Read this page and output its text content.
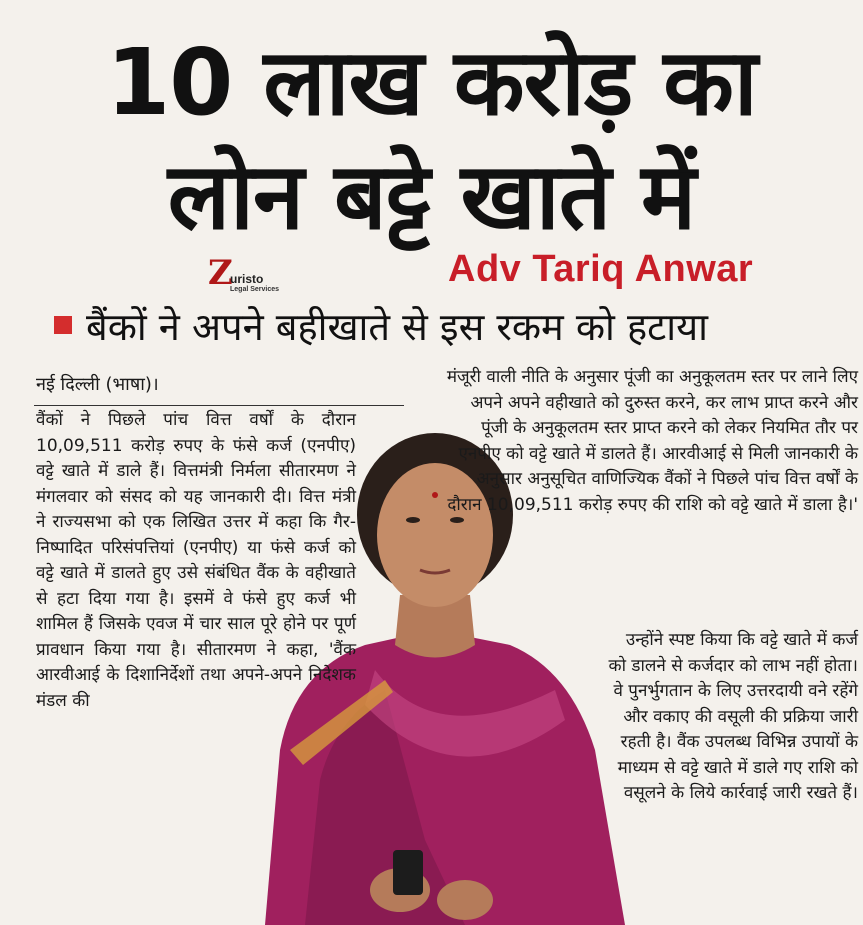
10 लाख करोड़ का
लोन बट्टे खाते में
Z
uristo
Legal Services	Adv Tariq Anwar
बैंकों ने अपने बहीखाते से इस रकम को हटाया
नई दिल्ली (भाषा)।
वैंकों ने पिछले पांच वित्त वर्षों के दौरान 10,09,511 करोड़ रुपए के फंसे कर्ज (एनपीए) वट्टे खाते में डाले हैं। वित्तमंत्री निर्मला सीतारमण ने मंगलवार को संसद को यह जानकारी दी। वित्त मंत्री ने राज्यसभा को एक लिखित उत्तर में कहा कि गैर-निष्पादित परिसंपत्तियां (एनपीए) या फंसे कर्ज को वट्टे खाते में डालते हुए उसे संबंधित वैंक के वहीखाते से हटा दिया गया है। इसमें वे फंसे हुए कर्ज भी शामिल हैं जिसके एवज में चार साल पूरे होने पर पूर्ण प्रावधान किया गया है। सीतारमण ने कहा, 'वैंक आरवीआई के दिशानिर्देशों तथा अपने-अपने निदेशक मंडल की
मंजूरी वाली नीति के अनुसार पूंजी का अनुकूलतम स्तर पर लाने लिए अपने अपने वहीखाते को दुरुस्त करने, कर लाभ प्राप्त करने और पूंजी के अनुकूलतम स्तर प्राप्त करने को लेकर नियमित तौर पर एनपीए को वट्टे खाते में डालते हैं। आरवीआई से मिली जानकारी के अनुसार अनुसूचित वाणिज्यिक वैंकों ने पिछले पांच वित्त वर्षों के दौरान 10,09,511 करोड़ रुपए की राशि को वट्टे खाते में डाला है।'
उन्होंने स्पष्ट किया कि वट्टे खाते में कर्ज को डालने से कर्जदार को लाभ नहीं होता। वे पुनर्भुगतान के लिए उत्तरदायी वने रहेंगे और वकाए की वसूली की प्रक्रिया जारी रहती है। वैंक उपलब्ध विभिन्न उपायों के माध्यम से वट्टे खाते में डाले गए राशि को वसूलने के लिये कार्रवाई जारी रखते हैं।
